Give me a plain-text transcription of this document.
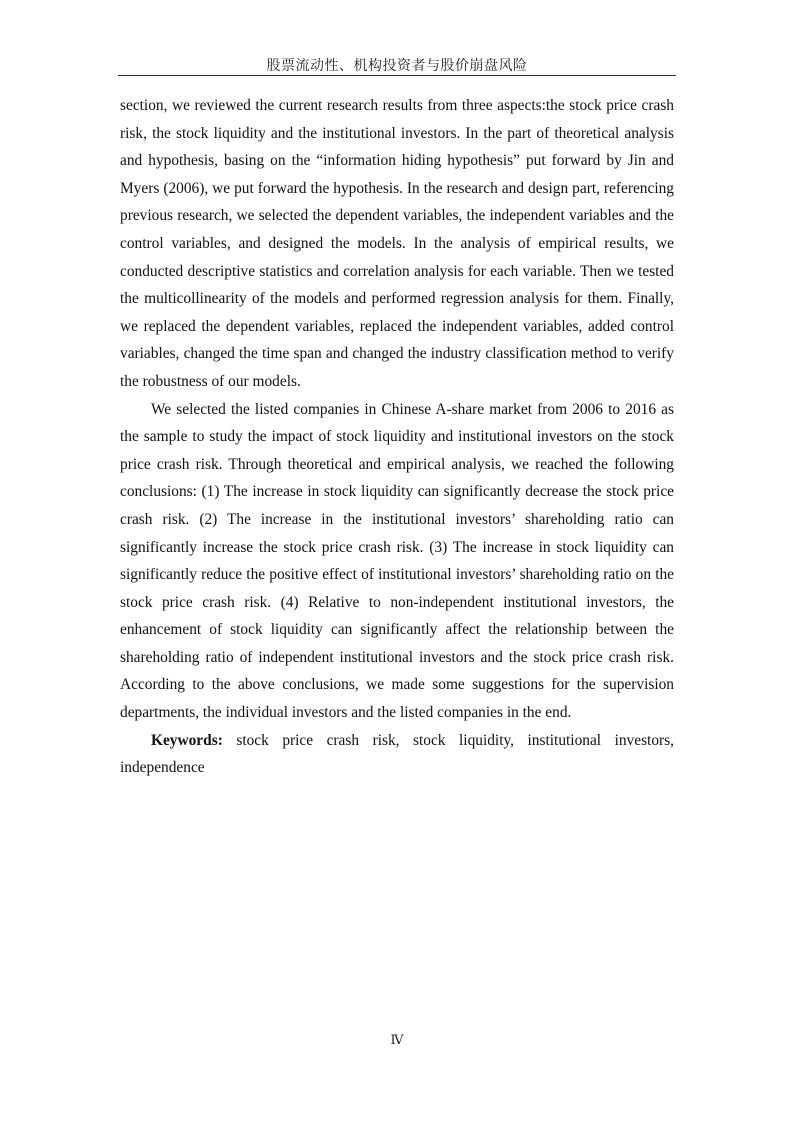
股票流动性、机构投资者与股价崩盘风险

section, we reviewed the current research results from three aspects:the stock price crash risk, the stock liquidity and the institutional investors. In the part of theoretical analysis and hypothesis, basing on the “information hiding hypothesis” put forward by Jin and Myers (2006), we put forward the hypothesis. In the research and design part, referencing previous research, we selected the dependent variables, the independent variables and the control variables, and designed the models. In the analysis of empirical results, we conducted descriptive statistics and correlation analysis for each variable. Then we tested the multicollinearity of the models and performed regression analysis for them. Finally, we replaced the dependent variables, replaced the independent variables, added control variables, changed the time span and changed the industry classification method to verify the robustness of our models.

We selected the listed companies in Chinese A-share market from 2006 to 2016 as the sample to study the impact of stock liquidity and institutional investors on the stock price crash risk. Through theoretical and empirical analysis, we reached the following conclusions: (1) The increase in stock liquidity can significantly decrease the stock price crash risk. (2) The increase in the institutional investors’ shareholding ratio can significantly increase the stock price crash risk. (3) The increase in stock liquidity can significantly reduce the positive effect of institutional investors’ shareholding ratio on the stock price crash risk. (4) Relative to non-independent institutional investors, the enhancement of stock liquidity can significantly affect the relationship between the shareholding ratio of independent institutional investors and the stock price crash risk. According to the above conclusions, we made some suggestions for the supervision departments, the individual investors and the listed companies in the end.

Keywords: stock price crash risk, stock liquidity, institutional investors, independence

Ⅳ
